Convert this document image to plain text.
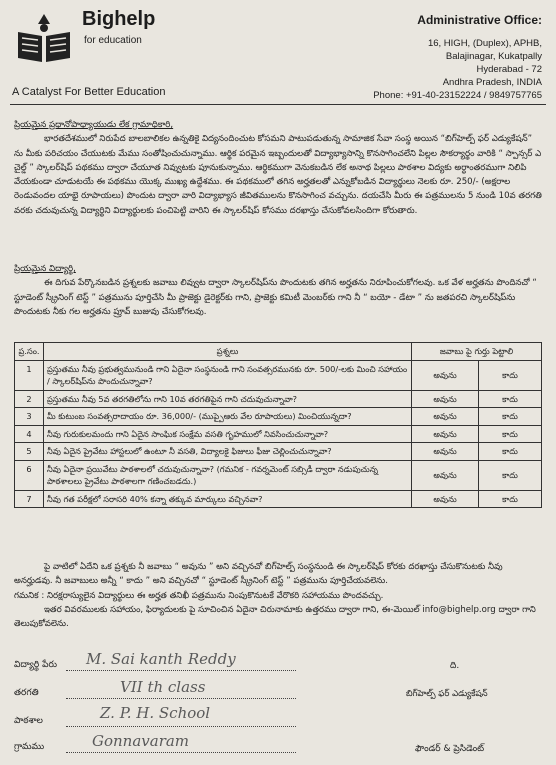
Bighelp
for education
A Catalyst For Better Education
Administrative Office:
16, HIGH, (Duplex), APHB,
Balajinagar, Kukatpally
Hyderabad - 72
Andhra Pradesh, INDIA
Phone: +91-40-23152224 / 9849757765

ప్రియమైన ప్రధానోపాధ్యాయుడు లేక గ్రామాధికారి,

భారతదేశములో నిరుపేద బాలబాలికల ఉన్నతికై విద్యనందించుట కోసమని పాటుపడుతున్న సామాజిక సేవా సంస్థ అయిన “బిగ్‌హెల్ప్ ఫర్ ఎడ్యుకేషన్” ను మీకు పరిచయం చేయుటకు మేము సంతోషించుచున్నాము. ఆర్థిక పరమైన ఇబ్బందులతో విద్యాభ్యాసాన్ని కొనసాగించలేని పిల్లల సౌకర్యార్థం వారికి “ స్పాన్సర్ ఎ చైల్డ్ ” స్కాలర్‌షిప్ పథకము ద్వారా చేయూత నివ్వుటకు పూనుకున్నాము. ఆర్థికముగా వెనుకబడిన లేక అనాథ పిల్లలు పాఠశాల విద్యకు అర్ధాంతరముగా నిలిపి వేయకుండా చూడుటయే ఈ పథకము యొక్క ముఖ్య ఉద్దేశము. ఈ పథకములో తగిన అర్హతలతో ఎన్నుకోబడిన విద్యార్థులు నెలకు రూ. 250/- (అక్షరాల రెండువందల యాభై రూపాయలు) పొందుట ద్వారా వారి విద్యాభ్యాస జీవితములను కొనసాగించ వచ్చును. దయచేసి మీరు ఈ పత్రములను 5 నుండి 10వ తరగతి వరకు చదువుచున్న విద్యార్థిని విద్యార్థులకు పంచిపెట్టి వారిని ఈ స్కాలర్‌షిప్ కోసము దరఖాస్తు చేసుకోవలసిందిగా కోరుతారు.

ప్రియమైన విద్యార్థి,

ఈ దిగువ పేర్కొనబడిన ప్రశ్నలకు జవాబు లివ్వుట ద్వారా స్కాలర్‌షిప్‌ను పొందుటకు తగిన అర్హతను నిరూపించుకోగలవు. ఒక వేళ అర్హతను పొందినచో “ స్టూడెంట్ స్క్రీనింగ్ టెస్ట్ ” పత్రమును పూర్తిచేసి మీ ప్రాజెక్టు డైరెక్టర్‌కు గాని, ప్రాజెక్టు కమిటీ మెంబర్‌కు గాని నీ “ బయో - డేటా ” ను జతపరచి స్కాలర్‌షిప్‌ను పొందుటకు నీకు గల అర్హతను ప్రూవ్ బుజువు చేసుకోగలవు.

ప్ర.సం.	ప్రశ్నలు	జవాబు పై గుర్తు పెట్టాలి	
1	ప్రస్తుతము నీవు ప్రభుత్వమునుండి గాని ఏదైనా సంస్థనుండి గాని సంవత్సరమునకు రూ. 500/-లకు మించి సహాయం / స్కాలర్‌షిప్‌ను పొందుచున్నావా?	అవును	కాదు
2	ప్రస్తుతము నీవు 5వ తరగతిలోను గాని 10వ తరగతిపైన గాని చదువుచున్నావా?	అవును	కాదు
3	మీ కుటుంబ సంవత్సరాదాయం రూ. 36,000/- (ముప్పైఆరు వేల రూపాయలు) మించియున్నదా?	అవును	కాదు
4	నీవు గురుకులమందు గాని ఏదైన సాంఘిక సంక్షేమ వసతి గృహములో నివసించుచున్నావా?	అవును	కాదు
5	నీవు ఏదైన ప్రైవేటు హాస్టలులో ఉంటూ నీ వసతి, విద్యాలకై ఫిజులు ఫీజు చెల్లించుచున్నావా?	అవును	కాదు
6	నీవు ఏదైనా ప్రయివేటు పాఠశాలలో చదువుచున్నావా? (గమనిక - గవర్నమెంట్ సబ్సిడీ ద్వారా నడుపుచున్న పాఠశాలలు ప్రైవేటు పాఠశాలగా గణించబడదు.)	అవును	కాదు
7	నీవు గత పరీక్షలో సరాసరి 40% కన్నా తక్కువ మార్కులు వచ్చినవా?	అవును	కాదు

పై వాటిలో ఏదేని ఒక ప్రశ్నకు నీ జవాబు “ అవును ” అని వచ్చినచో బిగ్‌హెల్ప్ సంస్థనుండి ఈ స్కాలర్‌షిప్ కోరకు దరఖాస్తు చేసుకొనుటకు నీవు అనర్హుడవు. నీ జవాబులు అన్నీ “ కాదు ” అని వచ్చినచో “ స్టూడెంట్ స్క్రీనింగ్ టెస్ట్ ” పత్రమును పూర్తిచేయవలెను.

గమనిక : నిరక్షరాస్యులైన విద్యార్థులు ఈ అర్హత తనిఖీ పత్రమును నింపుకొనుటకే వేరొకరి సహాయము పొందవచ్చు.

ఇతర వివరములకు సహాయం, ఫిర్యాదులకు పై సూచించిన ఏదైనా చిరునామాకు ఉత్తరము ద్వారా గాని, ఈ-మెయిల్ info@bighelp.org ద్వారా గాని తెలుపుకోవలెను.

విద్యార్థి పేరు M. Sai kanth Reddy
తరగతి	VII th class
పాఠశాల	Z. P. H. School
గ్రామము	Gonnavaram
ది.
బిగ్‌హెల్ప్ ఫర్ ఎడ్యుకేషన్
ఫౌండర్ & ప్రెసిడెంట్
